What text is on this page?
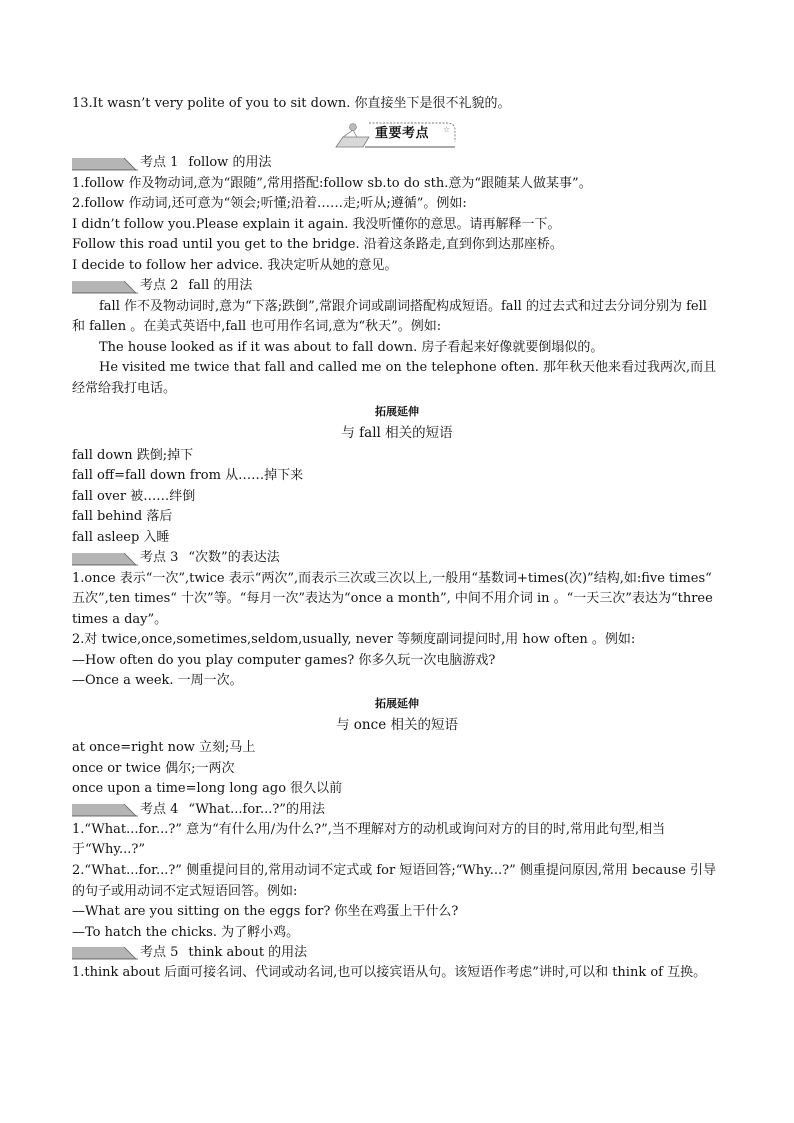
13.It wasn’t very polite of you to sit down. 你直接坐下是很不礼貌的。
☆
重要考点
考点 1 follow 的用法
1.follow 作及物动词,意为“跟随”,常用搭配:follow sb.to do sth.意为“跟随某人做某事”。
2.follow 作动词,还可意为“领会;听懂;沿着……走;听从;遵循”。例如:
I didn’t follow you.Please explain it again. 我没听懂你的意思。请再解释一下。
Follow this road until you get to the bridge. 沿着这条路走,直到你到达那座桥。
I decide to follow her advice. 我决定听从她的意见。
考点 2 fall 的用法
fall 作不及物动词时,意为“下落;跌倒”,常跟介词或副词搭配构成短语。fall 的过去式和过去分词分别为 fell 和 fallen 。在美式英语中,fall 也可用作名词,意为“秋天”。例如:
The house looked as if it was about to fall down. 房子看起来好像就要倒塌似的。
He visited me twice that fall and called me on the telephone often. 那年秋天他来看过我两次,而且经常给我打电话。
拓展延伸
与 fall 相关的短语
fall down 跌倒;掉下
fall off=fall down from 从……掉下来
fall over 被……绊倒
fall behind 落后
fall asleep 入睡
考点 3 “次数”的表达法
1.once 表示“一次”,twice 表示“两次”,而表示三次或三次以上,一般用“基数词+times(次)”结构,如:five times“ 五次”,ten times“ 十次”等。“每月一次”表达为“once a month”, 中间不用介词 in 。“一天三次”表达为“three times a day”。
2.对 twice,once,sometimes,seldom,usually, never 等频度副词提问时,用 how often 。例如:
—How often do you play computer games? 你多久玩一次电脑游戏?
—Once a week. 一周一次。
拓展延伸
与 once 相关的短语
at once=right now 立刻;马上
once or twice 偶尔;一两次
once upon a time=long long ago 很久以前
考点 4 “What...for...?”的用法
1.“What...for...?” 意为“有什么用/为什么?”,当不理解对方的动机或询问对方的目的时,常用此句型,相当于“Why...?”
2.“What...for...?” 侧重提问目的,常用动词不定式或 for 短语回答;“Why...?” 侧重提问原因,常用 because 引导的句子或用动词不定式短语回答。例如:
—What are you sitting on the eggs for? 你坐在鸡蛋上干什么?
—To hatch the chicks. 为了孵小鸡。
考点 5 think about 的用法
1.think about 后面可接名词、代词或动名词,也可以接宾语从句。该短语作考虑”讲时,可以和 think of 互换。
